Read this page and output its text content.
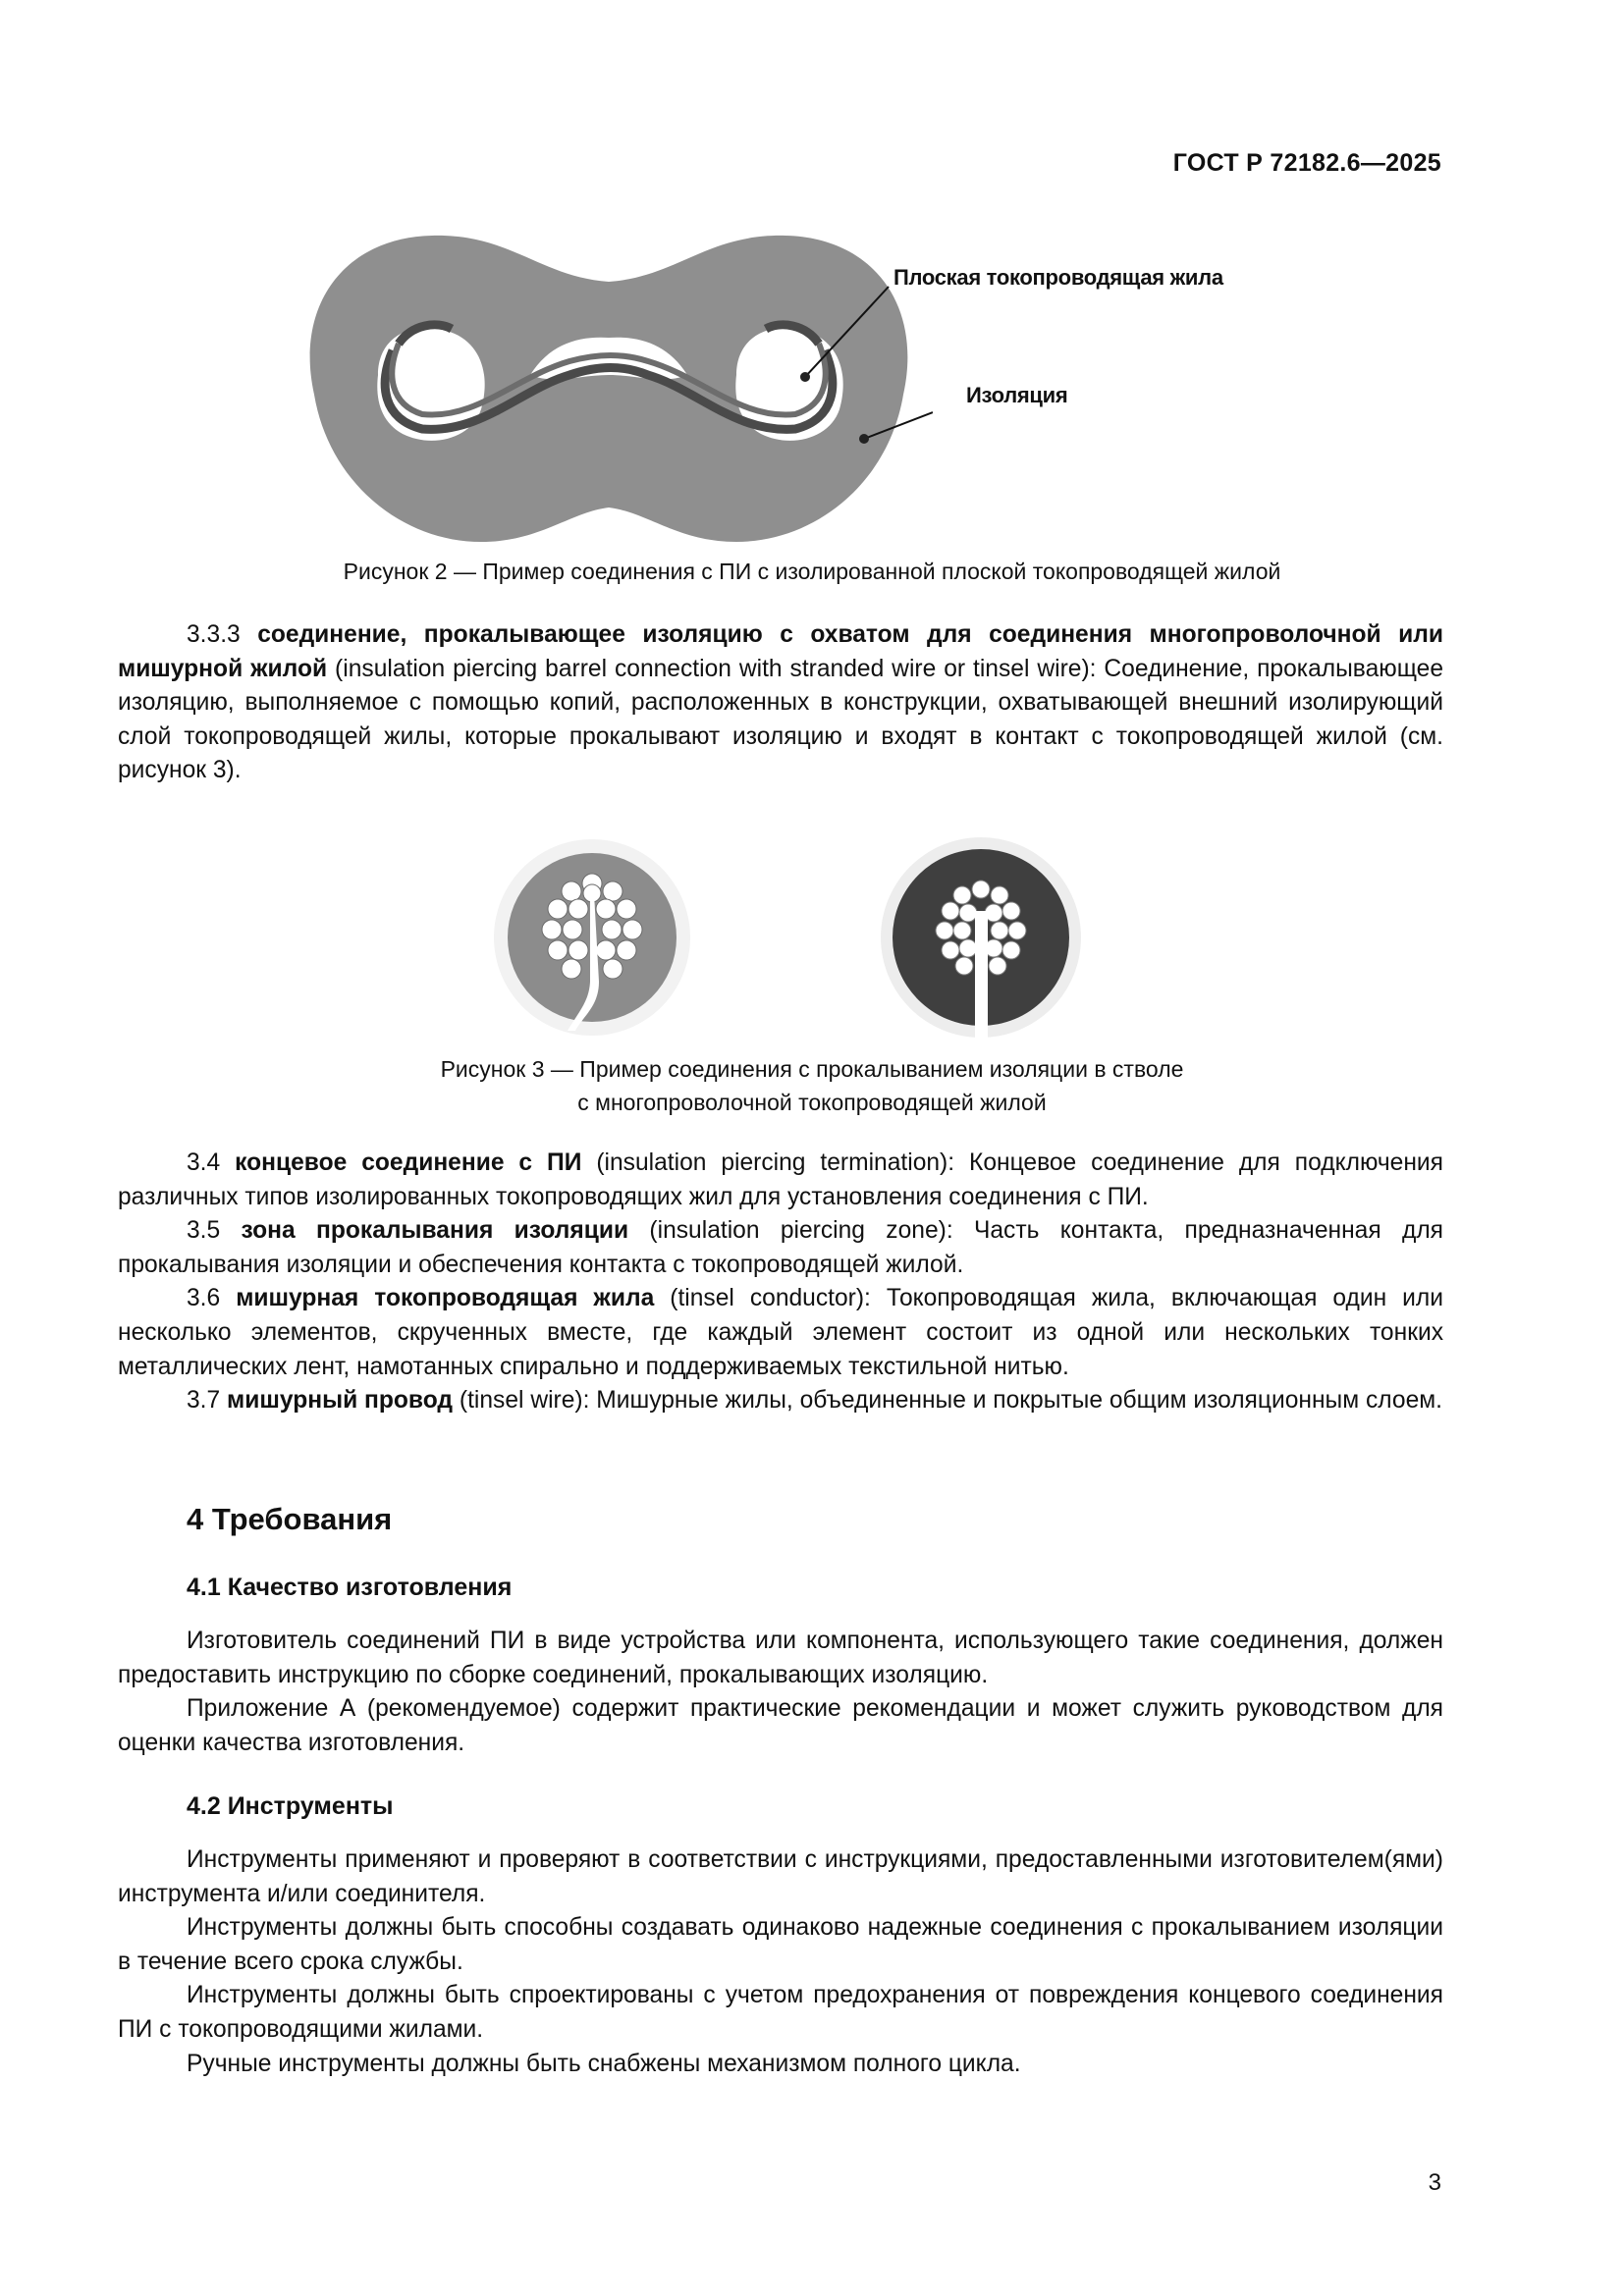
ГОСТ Р 72182.6—2025
Плоская токопроводящая жила
Изоляция
Рисунок 2 — Пример соединения с ПИ с изолированной плоской токопроводящей жилой

3.3.3 соединение, прокалывающее изоляцию с охватом для соединения многопроволочной или мишурной жилой (insulation piercing barrel connection with stranded wire or tinsel wire): Соединение, прокалывающее изоляцию, выполняемое с помощью копий, расположенных в конструкции, охватывающей внешний изолирующий слой токопроводящей жилы, которые прокалывают изоляцию и входят в контакт с токопроводящей жилой (см. рисунок 3).

Рисунок 3 — Пример соединения с прокалыванием изоляции в стволе
с многопроволочной токопроводящей жилой

3.4 концевое соединение с ПИ (insulation piercing termination): Концевое соединение для подключения различных типов изолированных токопроводящих жил для установления соединения с ПИ.

3.5 зона прокалывания изоляции (insulation piercing zone): Часть контакта, предназначенная для прокалывания изоляции и обеспечения контакта с токопроводящей жилой.

3.6 мишурная токопроводящая жила (tinsel conductor): Токопроводящая жила, включающая один или несколько элементов, скрученных вместе, где каждый элемент состоит из одной или нескольких тонких металлических лент, намотанных спирально и поддерживаемых текстильной нитью.

3.7 мишурный провод (tinsel wire): Мишурные жилы, объединенные и покрытые общим изоляционным слоем.

4 Требования
4.1 Качество изготовления

Изготовитель соединений ПИ в виде устройства или компонента, использующего такие соединения, должен предоставить инструкцию по сборке соединений, прокалывающих изоляцию.

Приложение А (рекомендуемое) содержит практические рекомендации и может служить руководством для оценки качества изготовления.

4.2 Инструменты

Инструменты применяют и проверяют в соответствии с инструкциями, предоставленными изготовителем(ями) инструмента и/или соединителя.

Инструменты должны быть способны создавать одинаково надежные соединения с прокалыванием изоляции в течение всего срока службы.

Инструменты должны быть спроектированы с учетом предохранения от повреждения концевого соединения ПИ с токопроводящими жилами.

Ручные инструменты должны быть снабжены механизмом полного цикла.

3
